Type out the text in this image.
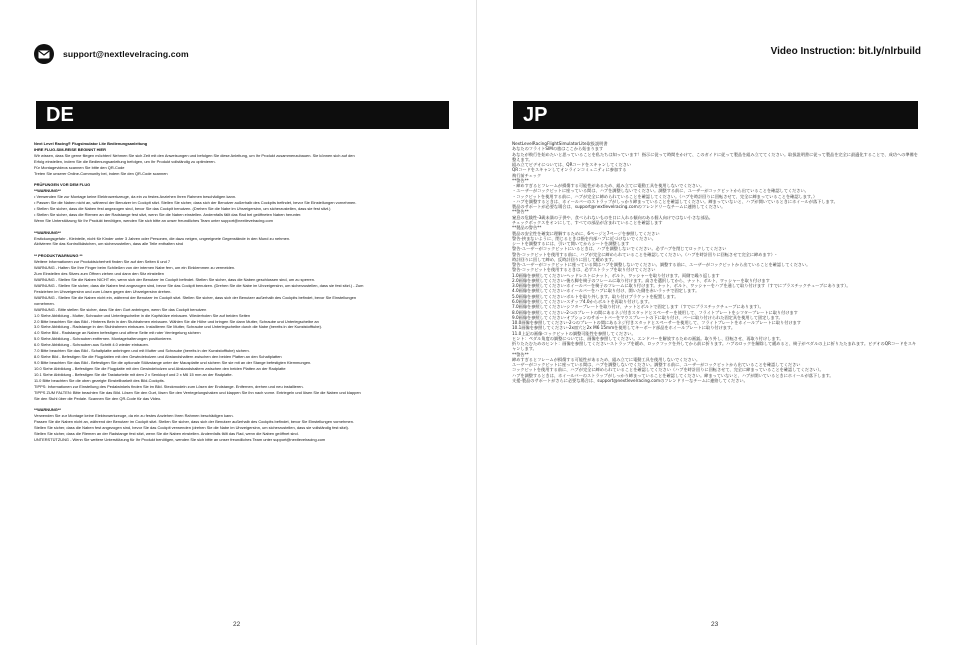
support@nextlevelracing.com
DE

Next Level Racing® Flugsimulator Lite Bedienungsanleitung

IHRE FLUG-SIM-REISE BEGINNT HIER

Wir wissen, dass Sie gerne fliegen möchten! Nehmen Sie sich Zeit mit den Anweisungen und befolgen Sie diese Anleitung, um Ihr Produkt zusammenzubauen. Sie können sich auf den

Erfolg einstellen, indem Sie die Bedienungsanleitung befolgen, um Ihr Produkt vollständig zu optimieren.

Für Montagevideos scannen Sie bitte den QR-Code

Treten Sie unserer Online-Community bei, indem Sie den QR-Code scannen

PRÜFUNGEN VOR DEM FLUG

**WARNUNG**

• Verwenden Sie zur Montage keine Elektrowerkzeuge, da ein zu festes Anziehen Ihren Rahmen beschädigen kann.

• Passen Sie die Naben nicht an, während der Benutzer im Cockpit sitzt. Stellen Sie sicher, dass sich der Benutzer außerhalb des Cockpits befindet, bevor Sie Einstellungen vornehmen.

• Stellen Sie sicher, dass die Naben fest angezogen sind, bevor Sie das Cockpit benutzen. (Drehen Sie die Nabe im Uhrzeigersinn, um sicherzustellen, dass sie fest sitzt.)

• Stellen Sie sicher, dass die Riemen an der Radstange fest sitzt, wenn Sie die Naben einstellen. Andernfalls fällt das Rad bei geöffneten Naben herunter.

Wenn Sie Unterstützung für Ihr Produkt benötigen, wenden Sie sich bitte an unser freundliches Team unter support@nextlevelracing.com

**WARNUNG**

Erstickungsgefahr - Kleinteile, nicht für Kinder unter 3 Jahren oder Personen, die dazu neigen, ungeeignete Gegenstände in den Mund zu nehmen.

Aktivieren Sie das Kontrollkästchen, um sicherzustellen, dass alle Teile enthalten sind

** PRODUKTWARNUNG **

Weitere Informationen zur Produktsicherheit finden Sie auf den Seiten 6 und 7

WARNUNG - Halten Sie Ihre Finger beim Schließen von der internen Nabe fern, um ein Einklemmen zu vermeiden.

Zum Einstellen des Sitzes zum Öffnen ziehen und dann den Sitz einstellen

WARNUNG - Stellen Sie die Naben NICHT ein, wenn sich der Benutzer im Cockpit befindet. Stellen Sie sicher, dass die Naben geschlossen sind, um zu sperren.

WARNUNG - Stellen Sie sicher, dass die Naben fest angezogen sind, bevor Sie das Cockpit benutzen. (Drehen Sie die Nabe im Uhrzeigersinn, um sicherzustellen, dass sie fest sitzt.) - Zum

Festziehen im Uhrzeigersinn und zum Lösen gegen den Uhrzeigersinn drehen.

WARNUNG - Stellen Sie die Naben nicht ein, während der Benutzer im Cockpit sitzt. Stellen Sie sicher, dass sich der Benutzer außerhalb des Cockpits befindet, bevor Sie Einstellungen

vornehmen.

WARNUNG - Bitte stellen Sie sicher, dass Sie den Gurt anbringen, wenn Sie das Cockpit benutzen

1.0 Siehe Abbildung - Mutter, Schraube und Unterlegscheibe in die Kopfstütze einbauen. Wiederholen Sie auf beiden Seiten

2.0 Bitte beachten Sie das Bild - Hinteres Bein in den Stuhlrahmen einbauen. Wählen Sie die Höhe und bringen Sie dann Mutter, Schraube und Unterlegscheibe an

3.0 Siehe Abbildung - Radstange in den Stuhlrahmen einbauen. Installieren Sie Mutter, Schraube und Unterlegscheibe durch die Nabe (bereits in der Kunststofftube).

4.0 Siehe Bild - Radstange an Naben befestigen und offene Seite mit roter Verriegelung sichern

5.0 Siehe Abbildung - Schrauben entfernen. Montagehalterungen positionieren.

6.0 Siehe Abbildung - Schrauben aus Schritt 4.0 wieder einbauen.

7.0 Bitte beachten Sie das Bild - Schaltplatte anbringen und mit Mutter und Schraube (bereits in der Kunststofftube) sichern.

8.0 Siehe Bild - Befestigen Sie die Flugplatten mit den Gewindebolzen und Abstandshaltern zwischen den beiden Platten an den Schaltplatten

9.0 Bitte beachten Sie das Bild - Befestigen Sie die optionale Stützstange unter der Mausplatte und sichern Sie sie mit an der Stange befestigten Klemmungen.

10.0 Siehe Abbildung - Befestigen Sie die Flugplatte mit den Gewindebolzen und Abstandshaltern zwischen den beiden Platten an der Radplatte

10.1 Siehe Abbildung - Befestigen Sie die Tastaturteile mit dem 2 x Senkkopf und 2 x M6 15 mm an der Radplatte.

11.0 Bitte beachten Sie die oben gezeigte Einstellbarkeit des Bild-Cockpits.

TIPPS: Informationen zur Einstellung des Pedalwinkels finden Sie im Bild. Steckmodeln zum Lösen der Endstange. Entfernen, drehen und neu installieren.

TIPPS ZUM FALTEN: Bitte beachten Sie das Bild. Lösen Sie den Gurt, lösen Sie den Verriegelungshaken und klappen Sie ihn nach vorne. Entriegeln und lösen Sie die Naben und klappen

Sie den Stuhl über die Pedale. Scannen Sie den QR-Code für das Video.

**WARNUNG**

Verwenden Sie zur Montage keine Elektrowerkzeuge, da ein zu festes Anziehen Ihren Rahmen beschädigen kann.

Passen Sie die Naben nicht an, während der Benutzer im Cockpit sitzt. Stellen Sie sicher, dass sich der Benutzer außerhalb des Cockpits befindet, bevor Sie Einstellungen vornehmen.

Stellen Sie sicher, dass die Naben fest angezogen sind, bevor Sie das Cockpit verwenden (drehen Sie die Nabe im Uhrzeigersinn, um sicherzustellen, dass sie vollständig fest sitzt).

Stellen Sie sicher, dass die Riemen an der Radstange fest sitzt, wenn Sie die Naben einstellen. Andernfalls fällt das Rad, wenn die Naben geöffnet sind.

UNTERSTÜTZUNG - Wenn Sie weitere Unterstützung für Ihr Produkt benötigen, wenden Sie sich bitte an unser freundliches Team unter support@nextlevelracing.com

22
Video Instruction: bit.ly/nlrbuild
JP

NextLevelRacingFlightSimulatorLite取扱説明書

あなたのフライトSIMの旅はここから始まります

あなたが飛行を始めたいと思っていることを私たちは知っています！指示に従って時間をかけて、このガイドに従って製品を組み立ててください。取扱説明書に従って製品を完全に最適化することで、成功への準備を

整えます。

組み立てビデオについては、QRコードをスキャンしてください

QRコードをスキャンしてオンラインコミュニティに参加する

飛行前チェック

**警告**

・締めすぎるとフレームが損傷する可能性があるため、組み立てに電動工具を使用しないでください。

・ユーザーがコックピットに座っている間は、ハブを調整しないでください。調整する前に、ユーザーがコックピットから出ていることを確認してください。

・コックピットを使用する前に、ハブが完全に締められていることを確認してください。（ハブを時計回りに回転させて、完全に締まっていることを確認します。）

・ハブを調整するときは、ホイールバーのストラップがしっかり締まっていることを確認してください。締まっていないと、ハブが開いているときにホイールが落下します。

製品のサポートが必要な場合は、support@nextlevelracing.comのフレンドリーなチームに連絡してください。

**警告**

窒息の危険性-3歳未満の子供や、食べられないものを口に入れる傾向のある個人向けではない小さな部品。

チェックボックスをオンにして、すべての部品が含まれていることを確認します

**製品の警告**

製品の安全性を確実に理解するために、6ページと7ページを参照してください

警告-挟まないように、閉じるときは指を内部ハブに近づけないでください。

シートを調整するには、引いて開いてからシートを調整します

警告-ユーザーがコックピットにいるときは、ハブを調整しないでください。必ずハブを閉じてロックしてください

警告-コックピットを使用する前に、ハブが完全に締められていることを確認してください。（ハブを時計回りに回転させて完全に締めます）-

時計回りに回して締め、反時計回りに回して緩めます。

警告-ユーザーがコックピットに座っている間はハブを調整しないでください。調整する前に、ユーザーがコックピットから出ていることを確認してください。

警告-コックピットを使用するときは、必ずストラップを取り付けてください

1.0画像を参照してください-ヘッドレストにナット、ボルト、ワッシャーを取り付けます。両側で繰り返します

2.0画像を参照してください-後ろ脚を椅子のフレームに取り付けます。高さを選択してから、ナット、ボルト、ワッシャーを取り付けます

3.0画像を参照してください-ホイールバーを椅子のフレームに取り付けます。ナット、ボルト、ワッシャーをハブを通して取り付けます（すでにプラスチックチューブにあります）。

4.0画像を参照してください-ホイールバーをハブに取り付け、開いた側を赤いラッチで固定します。

5.0画像を参照してください-ボルトを取り外します。取り付けブラケットを配置します。

6.0画像を参照してください-ステップ4.0からボルトを再取り付けします。

7.0画像を参照してください-シフタープレートを取り付け、ナットとボルトで固定します（すでにプラスチックチューブにあります）。

8.0画像を参照してください-2つのプレートの間にあるネジ付きスタッドとスペーサーを使用して、フライトプレートをシフタープレートに取り付けます

9.0画像を参照してください-オプションのサポートバーをマウスプレートの下に取り付け、バーに取り付けられた固定具を使用して固定します。

10.0画像を参照してください-2つのプレートの間にあるネジ付きスタッドとスペーサーを使用して、フライトプレートをホイールプレートに取り付けます

10.1画像を参照してください-2x皿穴と2x M6 15mmを使用してキーボード部品をホイールプレートに取り付けます。

11.0上記の画像-コックピットの調整可能性を参照してください。

ヒント：ペダル角度の調整については、画像を参照してください。エンドバーを解放するための画鋲。取り外し、回転させ、再取り付けします。

折りたたむためのヒント：画像を参照してください-ストラップを緩め、ロックフックを外してから前に折ります。ハブのロックを解除して緩めると、椅子がペダルの上に折りたたまれます。ビデオのQRコードをスキ

ャンします。

**警告**

締めすぎるとフレームが損傷する可能性があるため、組み立てに電動工具を使用しないでください。

ユーザーがコックピットに座っている間は、ハブを調整しないでください。調整する前に、ユーザーがコックピットから出ていることを確認してください

コックピットを使用する前に、ハブが完全に締められていることを確認してください（ハブを時計回りに回転させて、完全に締まっていることを確認してください）。

ハブを調整するときは、ホイールバーのストラップがしっかり締まっていることを確認してください。締まっていないと、ハブが開いているときにホイールが落下します。

支援-製品のサポートがさらに必要な場合は、support@nextlevelracing.comのフレンドリーなチームに連絡してください。

23
